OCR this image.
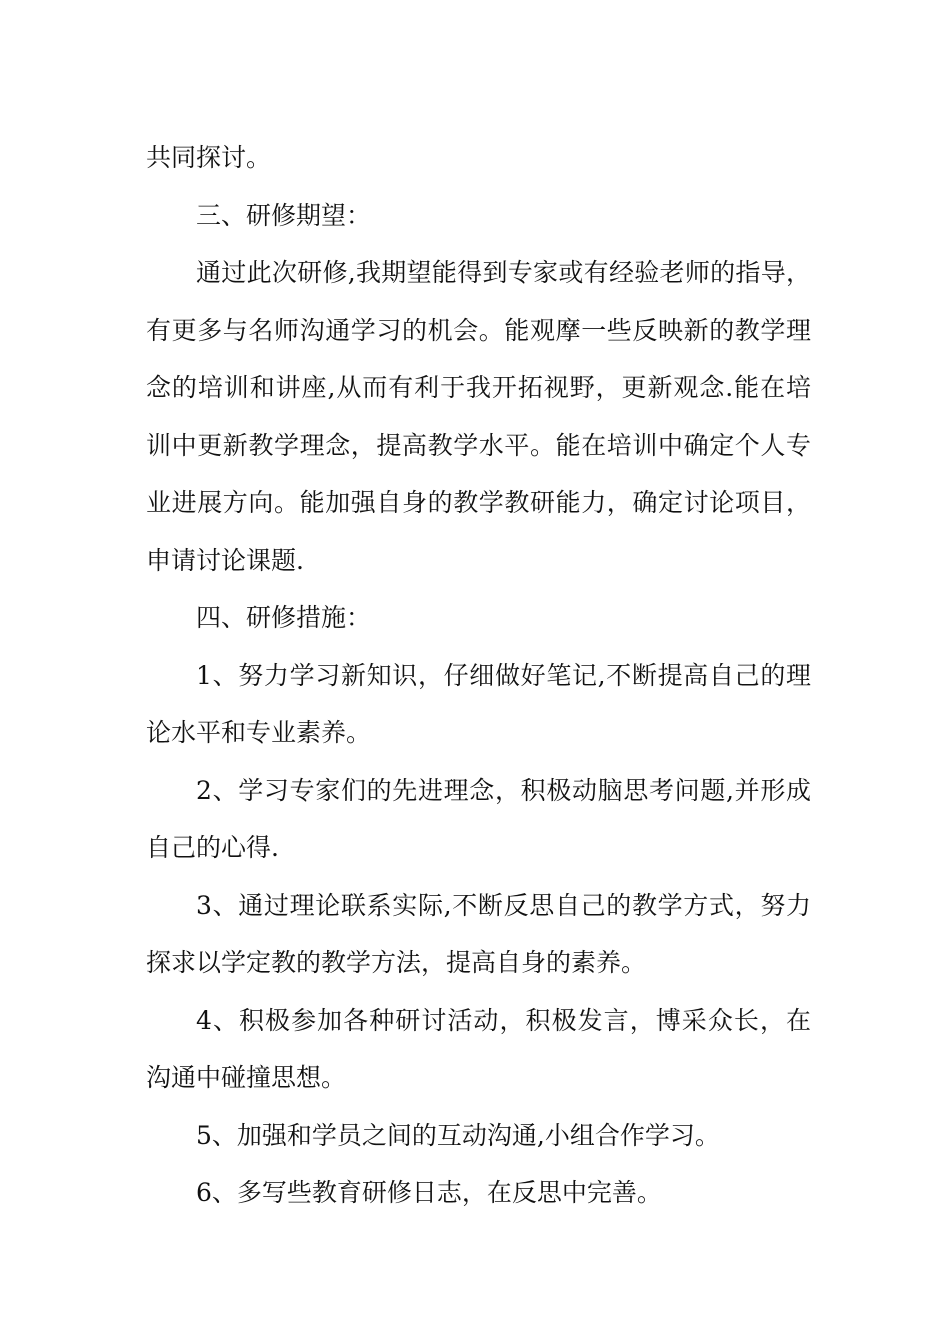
共同探讨。

三、研修期望：

通过此次研修,我期望能得到专家或有经验老师的指导，有更多与名师沟通学习的机会。能观摩一些反映新的教学理念的培训和讲座,从而有利于我开拓视野，更新观念.能在培训中更新教学理念，提高教学水平。能在培训中确定个人专业进展方向。能加强自身的教学教研能力，确定讨论项目，申请讨论课题.

四、研修措施：

1、努力学习新知识，仔细做好笔记,不断提高自己的理论水平和专业素养。

2、学习专家们的先进理念，积极动脑思考问题,并形成自己的心得.

3、通过理论联系实际,不断反思自己的教学方式，努力探求以学定教的教学方法，提高自身的素养。

4、积极参加各种研讨活动，积极发言，博采众长，在沟通中碰撞思想。

5、加强和学员之间的互动沟通,小组合作学习。

6、多写些教育研修日志，在反思中完善。
